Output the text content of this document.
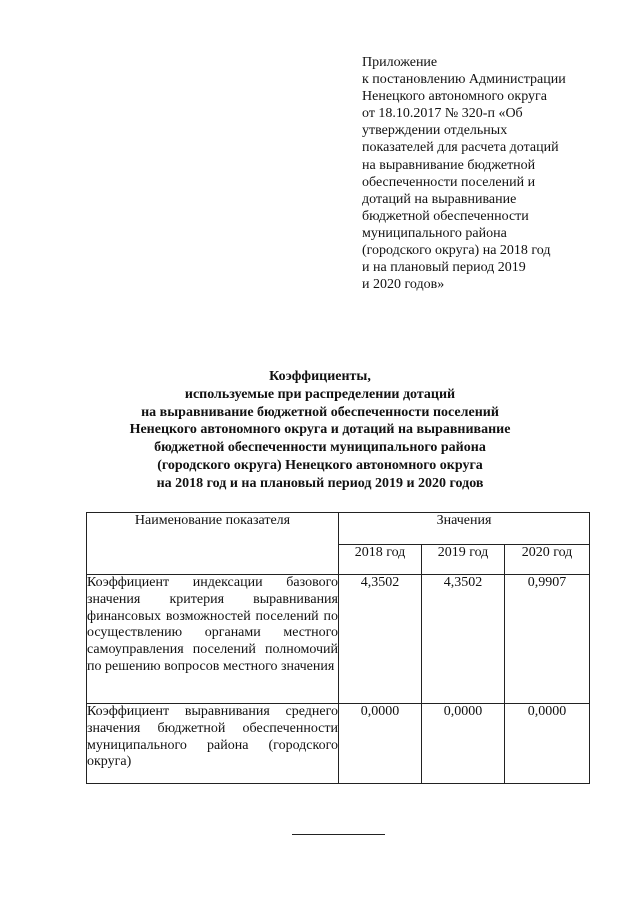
Приложение
к постановлению Администрации
Ненецкого автономного округа
от 18.10.2017 № 320-п «Об
утверждении отдельных
показателей для расчета дотаций
на выравнивание бюджетной
обеспеченности поселений и
дотаций на выравнивание
бюджетной обеспеченности
муниципального района
(городского округа) на 2018 год
и на плановый период 2019
и 2020 годов»
Коэффициенты,
используемые при распределении дотаций
на выравнивание бюджетной обеспеченности поселений
Ненецкого автономного округа и дотаций на выравнивание
бюджетной обеспеченности муниципального района
(городского округа) Ненецкого автономного округа
на 2018 год и на плановый период 2019 и 2020 годов
Наименование показателя	Значения		
	2018 год	2019 год	2020 год
Коэффициент индексации базового значения критерия выравнивания финансовых возможностей поселений по осуществлению органами местного самоуправления поселений полномочий по решению вопросов местного значения	4,3502	4,3502	0,9907
Коэффициент выравнивания среднего значения бюджетной обеспеченности муниципального района (городского округа)	0,0000	0,0000	0,0000
